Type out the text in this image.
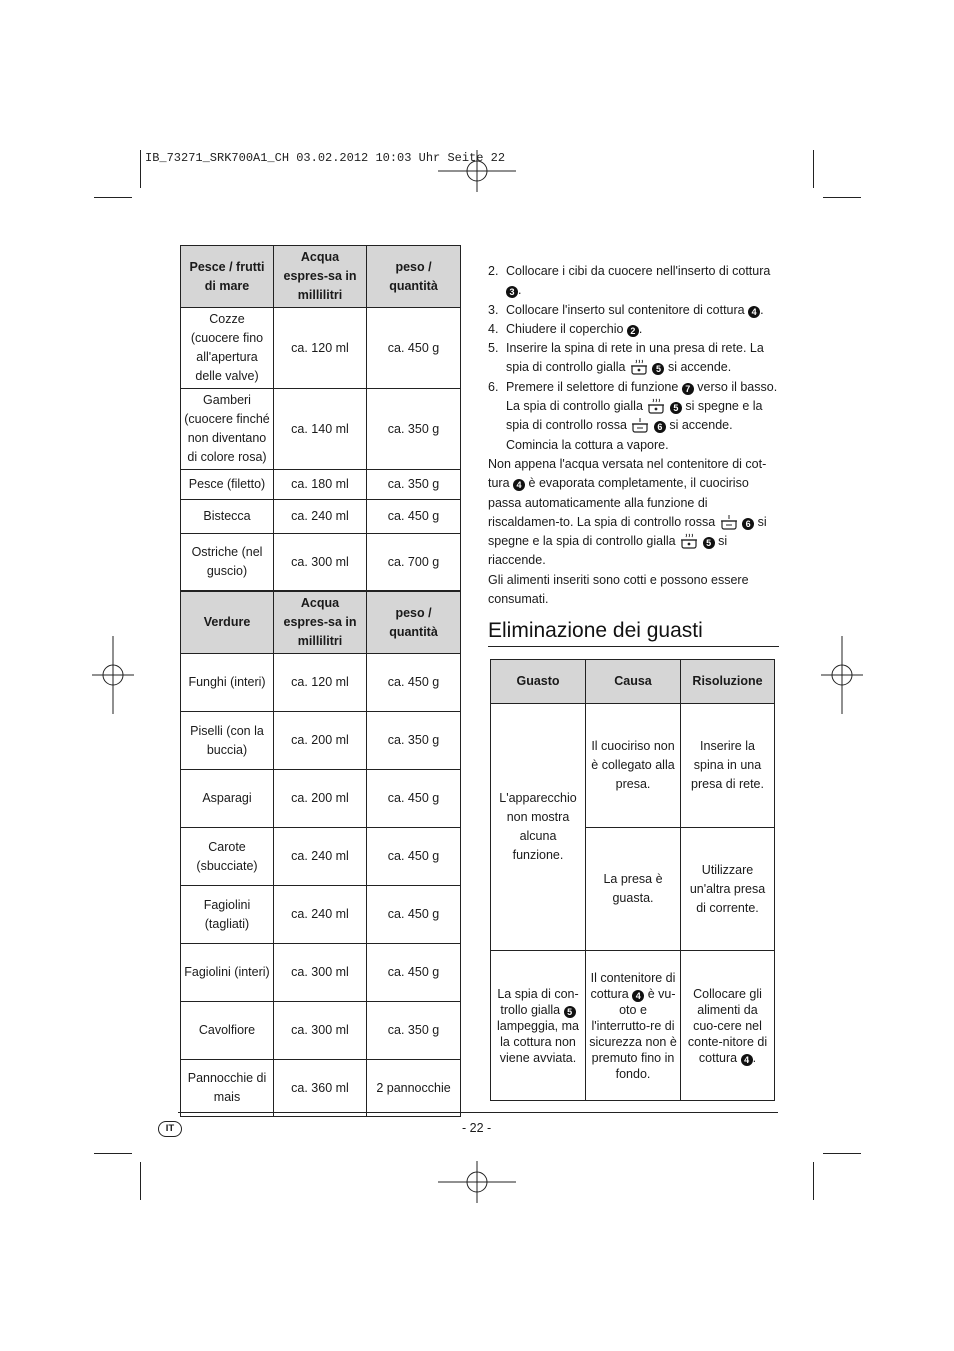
IB_73271_SRK700A1_CH 03.02.2012 10:03 Uhr Seite 22
Pesce / frutti di mare	Acqua espres-sa in millilitri	peso / quantità
Cozze (cuocere fino all'apertura delle valve)	ca. 120 ml	ca. 450 g
Gamberi (cuocere finché non diventano di colore rosa)	ca. 140 ml	ca. 350 g
Pesce (filetto)	ca. 180 ml	ca. 350 g
Bistecca	ca. 240 ml	ca. 450 g
Ostriche (nel guscio)	ca. 300 ml	ca. 700 g
Verdure	Acqua espres-sa in millilitri	peso / quantità
Funghi (interi)	ca. 120 ml	ca. 450 g
Piselli (con la buccia)	ca. 200 ml	ca. 350 g
Asparagi	ca. 200 ml	ca. 450 g
Carote (sbucciate)	ca. 240 ml	ca. 450 g
Fagiolini (tagliati)	ca. 240 ml	ca. 450 g
Fagiolini (interi)	ca. 300 ml	ca. 450 g
Cavolfiore	ca. 300 ml	ca. 350 g
Pannocchie di mais	ca. 360 ml	2 pannocchie
2. Collocare i cibi da cuocere nell'inserto di cottura 3 .
3. Collocare l'inserto sul contenitore di cottura 4 .
4. Chiudere il coperchio 2 .
5. Inserire la spina di rete in una presa di rete. La spia di controllo gialla	5 si accende.
6. Premere il selettore di funzione 7 verso il basso. La spia di controllo gialla	5 si spegne e la spia di controllo rossa	6 si accende. Comincia la cottura a vapore.
Non appena l'acqua versata nel contenitore di cot-tura 4 è evaporata completamente, il cuociriso passa automaticamente alla funzione di riscaldamen-to. La spia di controllo rossa	6 si spegne e la spia di controllo gialla	5 si riaccende.
Gli alimenti inseriti sono cotti e possono essere consumati.
Eliminazione dei guasti
Guasto	Causa	Risoluzione
L'apparecchio non mostra alcuna funzione.	Il cuociriso non è collegato alla presa.	Inserire la spina in una presa di rete.
	La presa è guasta.	Utilizzare un'altra presa di corrente.
La spia di con-trollo gialla 5 lampeggia, ma la cottura non viene avviata.	Il contenitore di cottura 4 è vu-oto e l'interrutto-re di sicurezza non è premuto fino in fondo.	Collocare gli alimenti da cuo-cere nel conte-nitore di cottura 4 .
IT	- 22 -
